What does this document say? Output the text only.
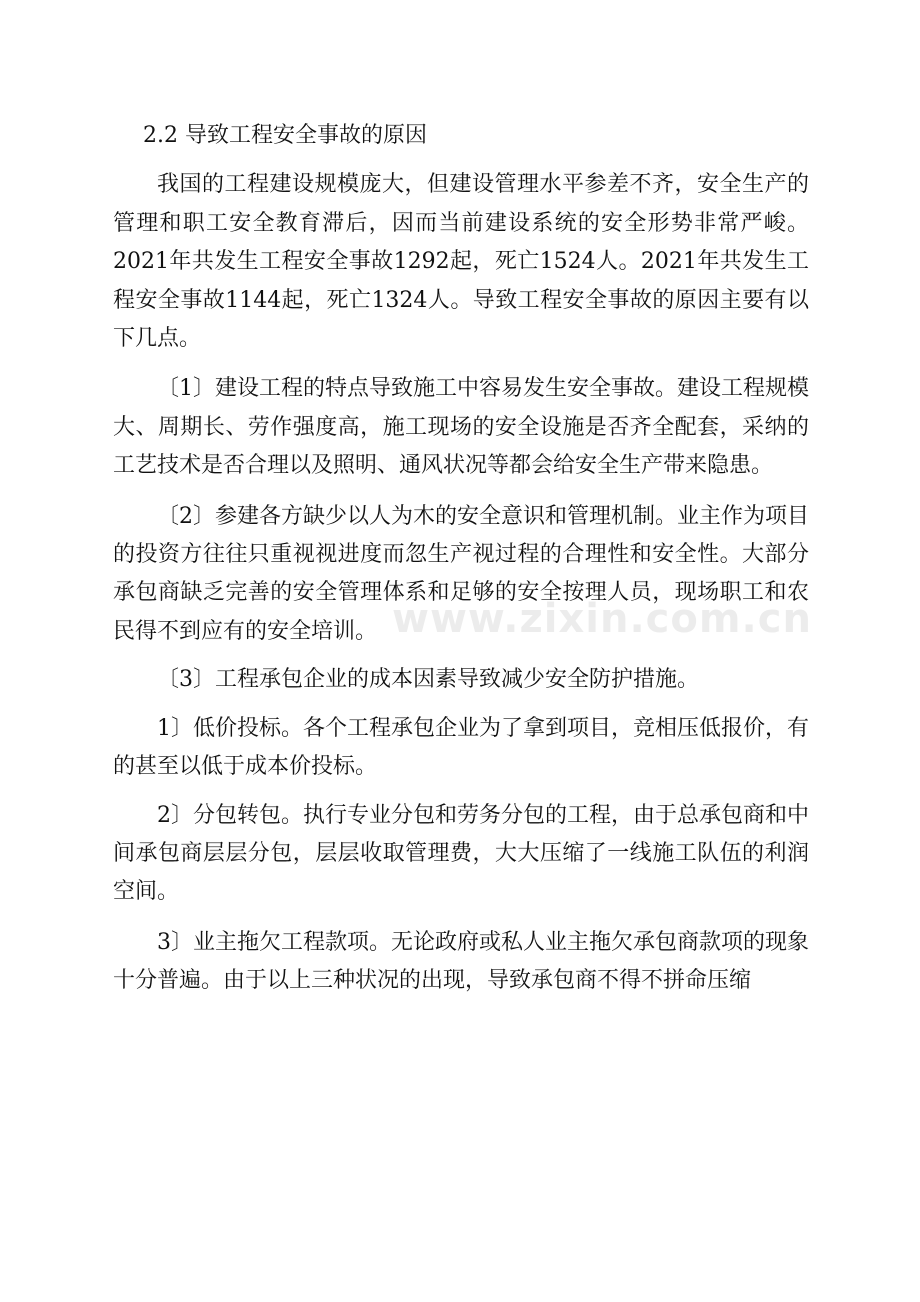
2.2 导致工程安全事故的原因

我国的工程建设规模庞大，但建设管理水平参差不齐，安全生产的管理和职工安全教育滞后，因而当前建设系统的安全形势非常严峻。2021年共发生工程安全事故1292起，死亡1524人。2021年共发生工程安全事故1144起，死亡1324人。导致工程安全事故的原因主要有以下几点。

〔1〕建设工程的特点导致施工中容易发生安全事故。建设工程规模大、周期长、劳作强度高，施工现场的安全设施是否齐全配套，采纳的工艺技术是否合理以及照明、通风状况等都会给安全生产带来隐患。

〔2〕参建各方缺少以人为木的安全意识和管理机制。业主作为项目的投资方往往只重视视进度而忽生产视过程的合理性和安全性。大部分承包商缺乏完善的安全管理体系和足够的安全按理人员，现场职工和农民得不到应有的安全培训。

〔3〕工程承包企业的成本因素导致减少安全防护措施。

1〕低价投标。各个工程承包企业为了拿到项目，竞相压低报价，有的甚至以低于成本价投标。

2〕分包转包。执行专业分包和劳务分包的工程，由于总承包商和中间承包商层层分包，层层收取管理费，大大压缩了一线施工队伍的利润空间。

3〕业主拖欠工程款项。无论政府或私人业主拖欠承包商款项的现象十分普遍。由于以上三种状况的出现，导致承包商不得不拼命压缩

www.zixin.com.cn
